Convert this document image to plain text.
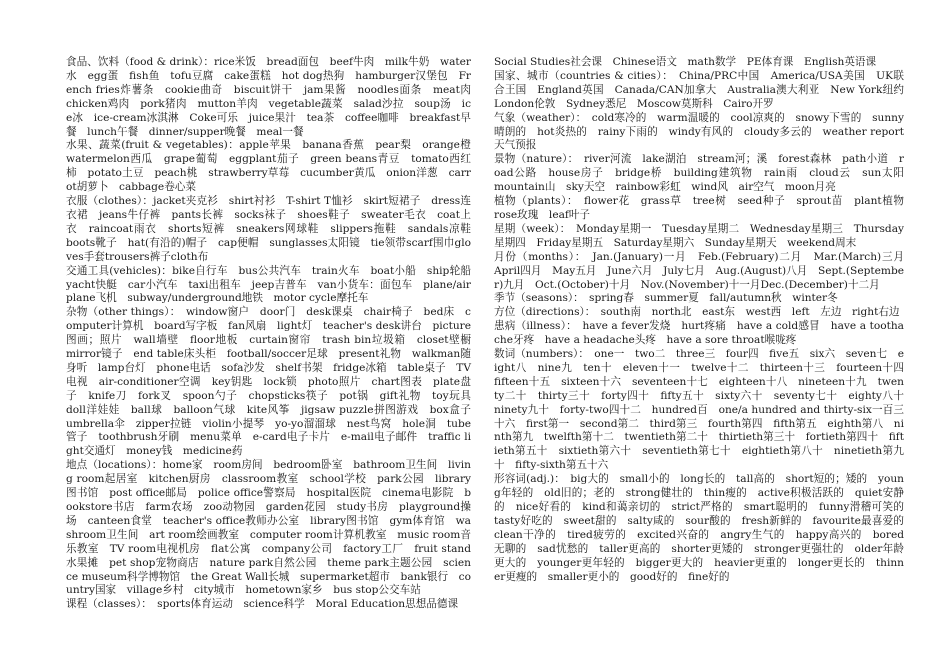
食品、饮料（food & drink）：rice米饭　bread面包　beef牛肉　milk牛奶　water水　egg蛋　fish鱼　tofu豆腐　cake蛋糕　hot dog热狗　hamburger汉堡包　French fries炸薯条　cookie曲奇　biscuit饼干　jam果酱　noodles面条　meat肉　chicken鸡肉　pork猪肉　mutton羊肉　vegetable蔬菜　salad沙拉　soup汤　ice冰　ice-cream冰淇淋　Coke可乐　juice果汁　tea茶　coffee咖啡　breakfast早餐　lunch午餐　dinner/supper晚餐　meal一餐

水果、蔬菜(fruit & vegetables)：apple苹果　banana香蕉　pear梨　orange橙　watermelon西瓜　grape葡萄　eggplant茄子　green beans青豆　tomato西红柿　potato土豆　peach桃　strawberry草莓　cucumber黄瓜　onion洋葱　carrot胡萝卜　cabbage卷心菜

衣服（clothes）：jacket夹克衫　shirt衬衫　T-shirt T恤衫　skirt短裙子　dress连衣裙　jeans牛仔裤　pants长裤　socks袜子　shoes鞋子　sweater毛衣　coat上衣　raincoat雨衣　shorts短裤　sneakers网球鞋　slippers拖鞋　sandals凉鞋　boots靴子　hat(有沿的)帽子　cap便帽　sunglasses太阳镜　tie领带scarf围巾gloves手套trousers裤子cloth布

交通工具(vehicles)：bike自行车　bus公共汽车　train火车　boat小船　ship轮船　yacht快艇　car小汽车　taxi出租车　jeep吉普车　van小货车：面包车　plane/airplane飞机　subway/underground地铁　motor cycle摩托车

杂物（other things）：　window窗户　door门　desk课桌　chair椅子　bed床　computer计算机　board写字板　fan风扇　light灯　teacher's desk讲台　picture图画；照片　wall墙壁　floor地板　curtain窗帘　trash bin垃圾箱　closet壁橱　mirror镜子　end table床头柜　football/soccer足球　present礼物　walkman随身听　lamp台灯　phone电话　sofa沙发　shelf书架　fridge冰箱　table桌子　TV电视　air-conditioner空调　key钥匙　lock锁　photo照片　chart图表　plate盘子　knife刀　fork叉　spoon勺子　chopsticks筷子　pot锅　gift礼物　toy玩具　doll洋娃娃　ball球　balloon气球　kite风筝　jigsaw puzzle拼图游戏　box盒子　umbrella伞　zipper拉链　violin小提琴　yo-yo溜溜球　nest鸟窝　hole洞　tube管子　toothbrush牙刷　menu菜单　e-card电子卡片　e-mail电子邮件　traffic light交通灯　money钱　medicine药

地点（locations）：home家　room房间　bedroom卧室　bathroom卫生间　living room起居室　kitchen厨房　classroom教室　school学校　park公园　library图书馆　post office邮局　police office警察局　hospital医院　cinema电影院　bookstore书店　farm农场　zoo动物园　garden花园　study书房　playground操场　canteen食堂　teacher's office教师办公室　library图书馆　gym体育馆　washroom卫生间　art room绘画教室　computer room计算机教室　music room音乐教室　TV room电视机房　flat公寓　company公司　factory工厂　fruit stand水果摊　pet shop宠物商店　nature park自然公园　theme park主题公园　science museum科学博物馆　the Great Wall长城　supermarket超市　bank银行　country国家　village乡村　city城市　hometown家乡　bus stop公交车站

课程（classes）：　sports体育运动　science科学　Moral Education思想品德课

Social Studies社会课　Chinese语文　math数学　PE体育课　English英语课

国家、城市（countries & cities）：　China/PRC中国　America/USA美国　UK联合王国　England英国　Canada/CAN加拿大　Australia澳大利亚　New York纽约　London伦敦　Sydney悉尼　Moscow莫斯科　Cairo开罗

气象（weather）：　cold寒冷的　warm温暖的　cool凉爽的　snowy下雪的　sunny晴朗的　hot炎热的　rainy下雨的　windy有风的　cloudy多云的　weather report天气预报

景物（nature）：　river河流　lake湖泊　stream河；溪　forest森林　path小道　road公路　house房子　bridge桥　building建筑物　rain雨　cloud云　sun太阳　mountain山　sky天空　rainbow彩虹　wind风　air空气　moon月亮

植物（plants）：　flower花　grass草　tree树　seed种子　sprout苗　plant植物　rose玫瑰　leaf叶子

星期（week）：　Monday星期一　Tuesday星期二　Wednesday星期三　Thursday星期四　Friday星期五　Saturday星期六　Sunday星期天　weekend周末

月份（months）：　Jan.(January)一月　Feb.(February)二月　Mar.(March)三月　April四月　May五月　June六月　July七月　Aug.(August)八月　Sept.(September)九月　Oct.(October)十月　Nov.(November)十一月Dec.(December)十二月

季节（seasons）：　spring春　summer夏　fall/autumn秋　winter冬

方位（directions）：　south南　north北　east东　west西　left　左边　right右边

患病（illness）：　have a fever发烧　hurt疼痛　have a cold感冒　have a toothache牙疼　have a headache头疼　have a sore throat喉咙疼

数词（numbers）：　one一　two二　three三　four四　five五　six六　seven七　eight八　nine九　ten十　eleven十一　twelve十二　thirteen十三　fourteen十四　fifteen十五　sixteen十六　seventeen十七　eighteen十八　nineteen十九　twenty二十　thirty三十　forty四十　fifty五十　sixty六十　seventy七十　eighty八十　ninety九十　forty-two四十二　hundred百　one/a hundred and thirty-six一百三十六　first第一　second第二　third第三　fourth第四　fifth第五　eighth第八　ninth第九　twelfth第十二　twentieth第二十　thirtieth第三十　fortieth第四十　fiftieth第五十　sixtieth第六十　seventieth第七十　eightieth第八十　ninetieth第九十　fifty-sixth第五十六

形容词(adj.)：　big大的　small小的　long长的　tall高的　short短的；矮的　young年轻的　old旧的；老的　strong健壮的　thin瘦的　active积极活跃的　quiet安静的　nice好看的　kind和蔼亲切的　strict严格的　smart聪明的　funny滑稽可笑的　tasty好吃的　sweet甜的　salty咸的　sour酸的　fresh新鲜的　favourite最喜爱的　clean干净的　tired疲劳的　excited兴奋的　angry生气的　happy高兴的　bored无聊的　sad忧愁的　taller更高的　shorter更矮的　stronger更强壮的　older年龄更大的　younger更年轻的　bigger更大的　heavier更重的　longer更长的　thinner更瘦的　smaller更小的　good好的　fine好的
